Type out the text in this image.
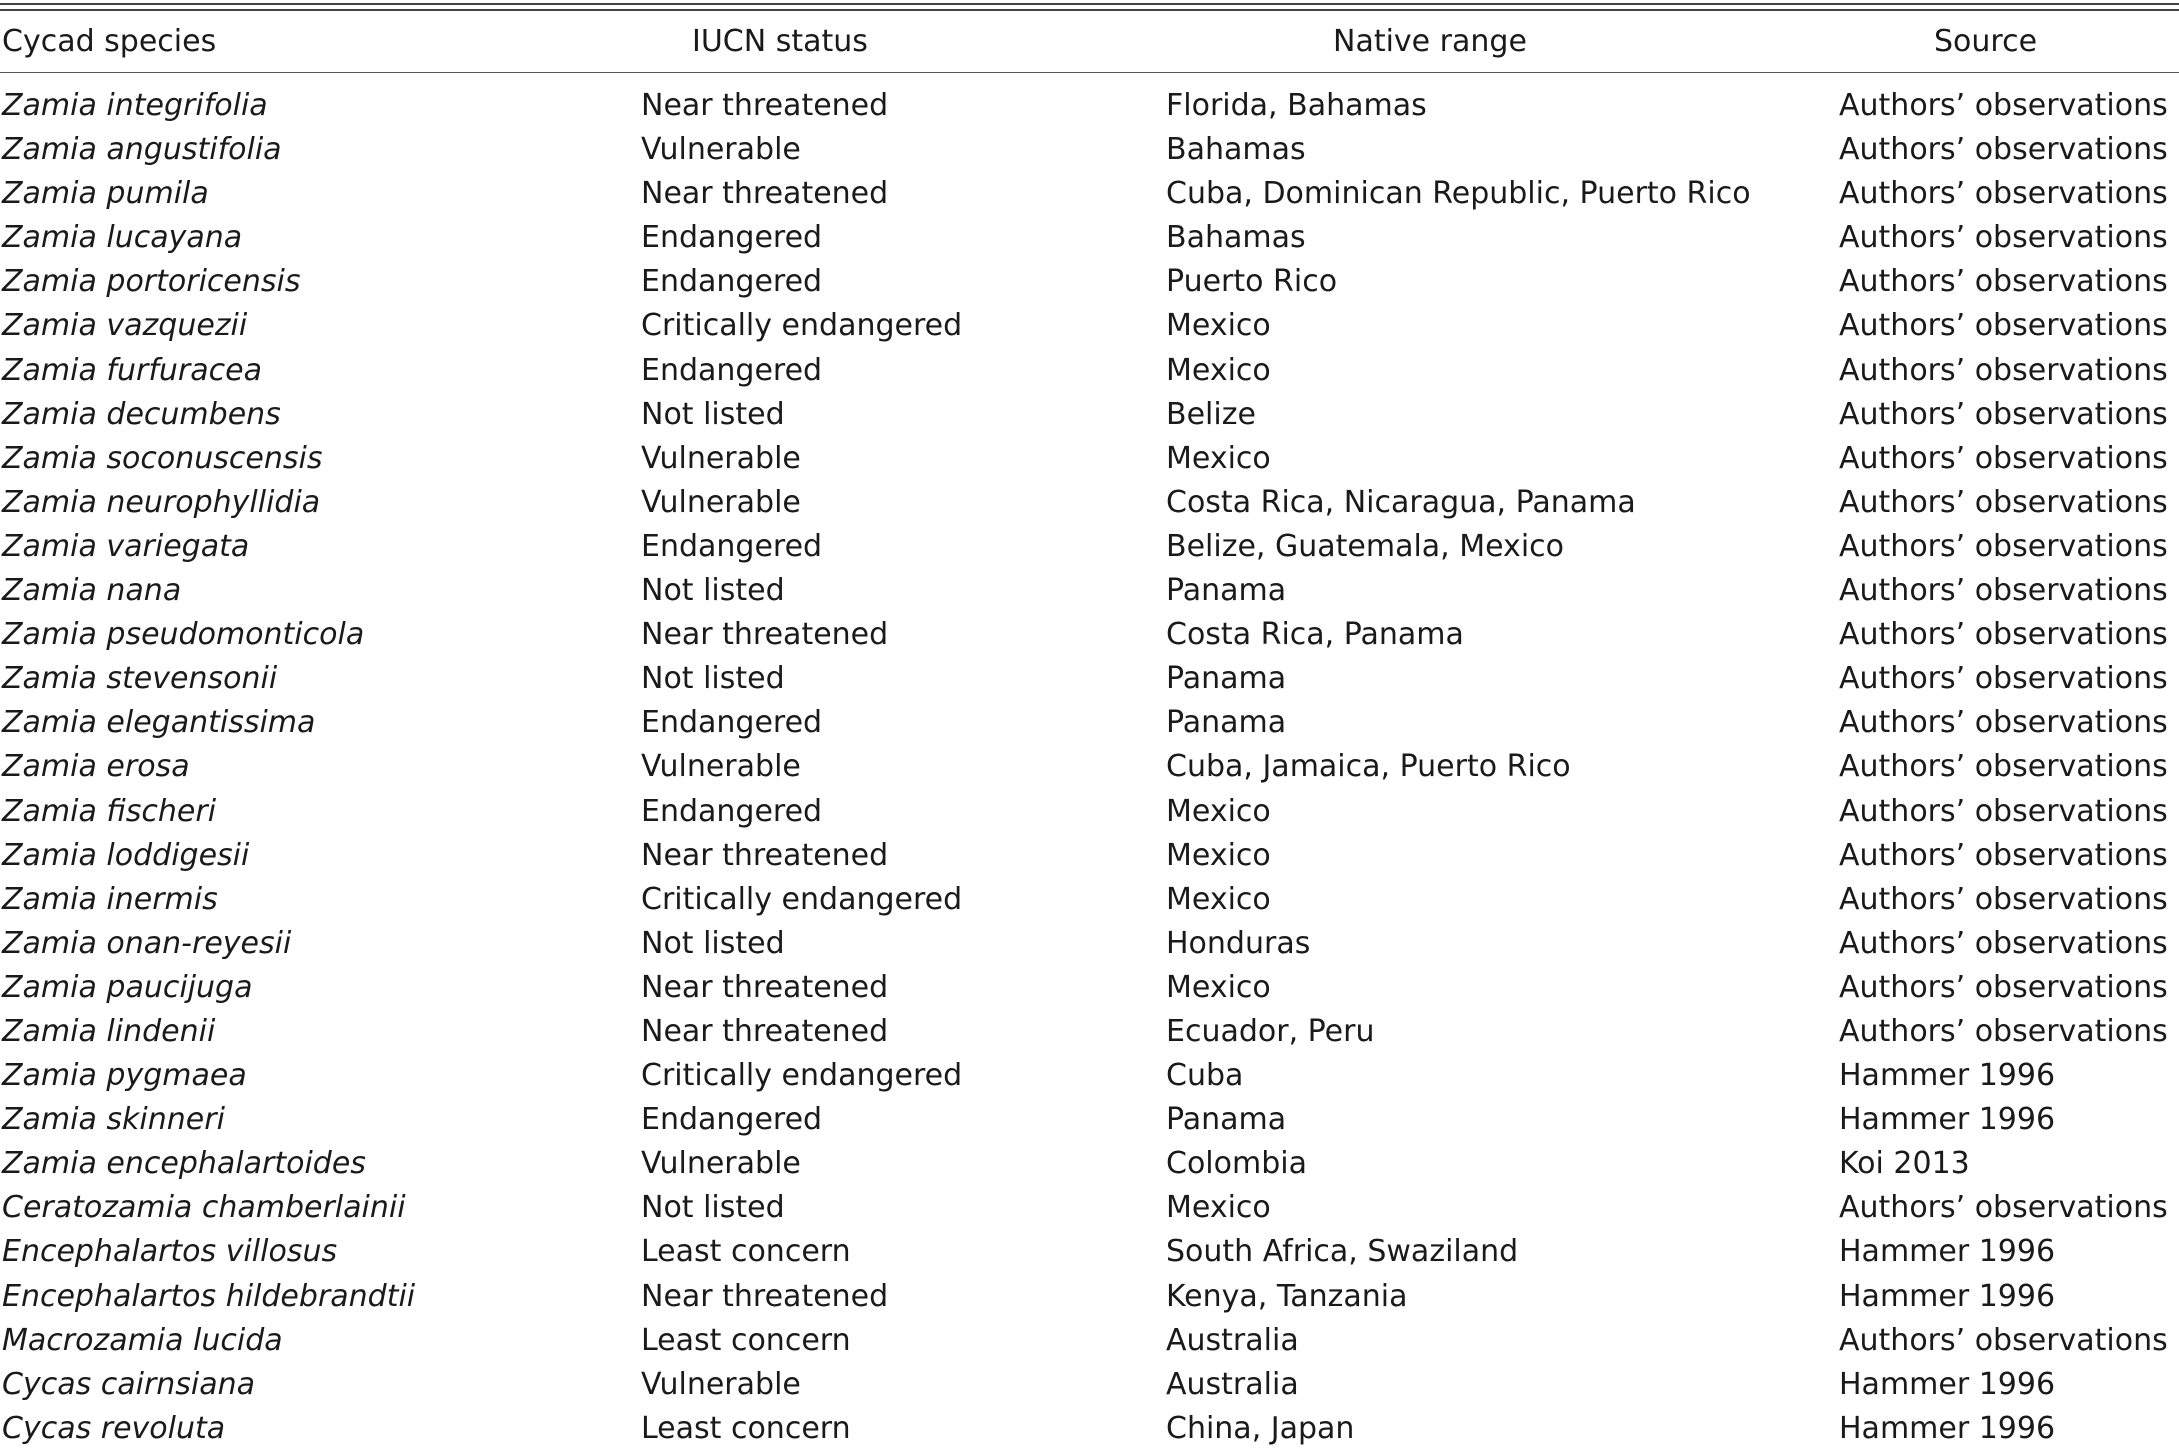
Cycad species	IUCN status	Native range	Source
Zamia integrifolia	Near threatened	Florida, Bahamas	Authors’ observations
Zamia angustifolia	Vulnerable	Bahamas	Authors’ observations
Zamia pumila	Near threatened	Cuba, Dominican Republic, Puerto Rico	Authors’ observations
Zamia lucayana	Endangered	Bahamas	Authors’ observations
Zamia portoricensis	Endangered	Puerto Rico	Authors’ observations
Zamia vazquezii	Critically endangered	Mexico	Authors’ observations
Zamia furfuracea	Endangered	Mexico	Authors’ observations
Zamia decumbens	Not listed	Belize	Authors’ observations
Zamia soconuscensis	Vulnerable	Mexico	Authors’ observations
Zamia neurophyllidia	Vulnerable	Costa Rica, Nicaragua, Panama	Authors’ observations
Zamia variegata	Endangered	Belize, Guatemala, Mexico	Authors’ observations
Zamia nana	Not listed	Panama	Authors’ observations
Zamia pseudomonticola	Near threatened	Costa Rica, Panama	Authors’ observations
Zamia stevensonii	Not listed	Panama	Authors’ observations
Zamia elegantissima	Endangered	Panama	Authors’ observations
Zamia erosa	Vulnerable	Cuba, Jamaica, Puerto Rico	Authors’ observations
Zamia fischeri	Endangered	Mexico	Authors’ observations
Zamia loddigesii	Near threatened	Mexico	Authors’ observations
Zamia inermis	Critically endangered	Mexico	Authors’ observations
Zamia onan-reyesii	Not listed	Honduras	Authors’ observations
Zamia paucijuga	Near threatened	Mexico	Authors’ observations
Zamia lindenii	Near threatened	Ecuador, Peru	Authors’ observations
Zamia pygmaea	Critically endangered	Cuba	Hammer 1996
Zamia skinneri	Endangered	Panama	Hammer 1996
Zamia encephalartoides	Vulnerable	Colombia	Koi 2013
Ceratozamia chamberlainii	Not listed	Mexico	Authors’ observations
Encephalartos villosus	Least concern	South Africa, Swaziland	Hammer 1996
Encephalartos hildebrandtii	Near threatened	Kenya, Tanzania	Hammer 1996
Macrozamia lucida	Least concern	Australia	Authors’ observations
Cycas cairnsiana	Vulnerable	Australia	Hammer 1996
Cycas revoluta	Least concern	China, Japan	Hammer 1996
